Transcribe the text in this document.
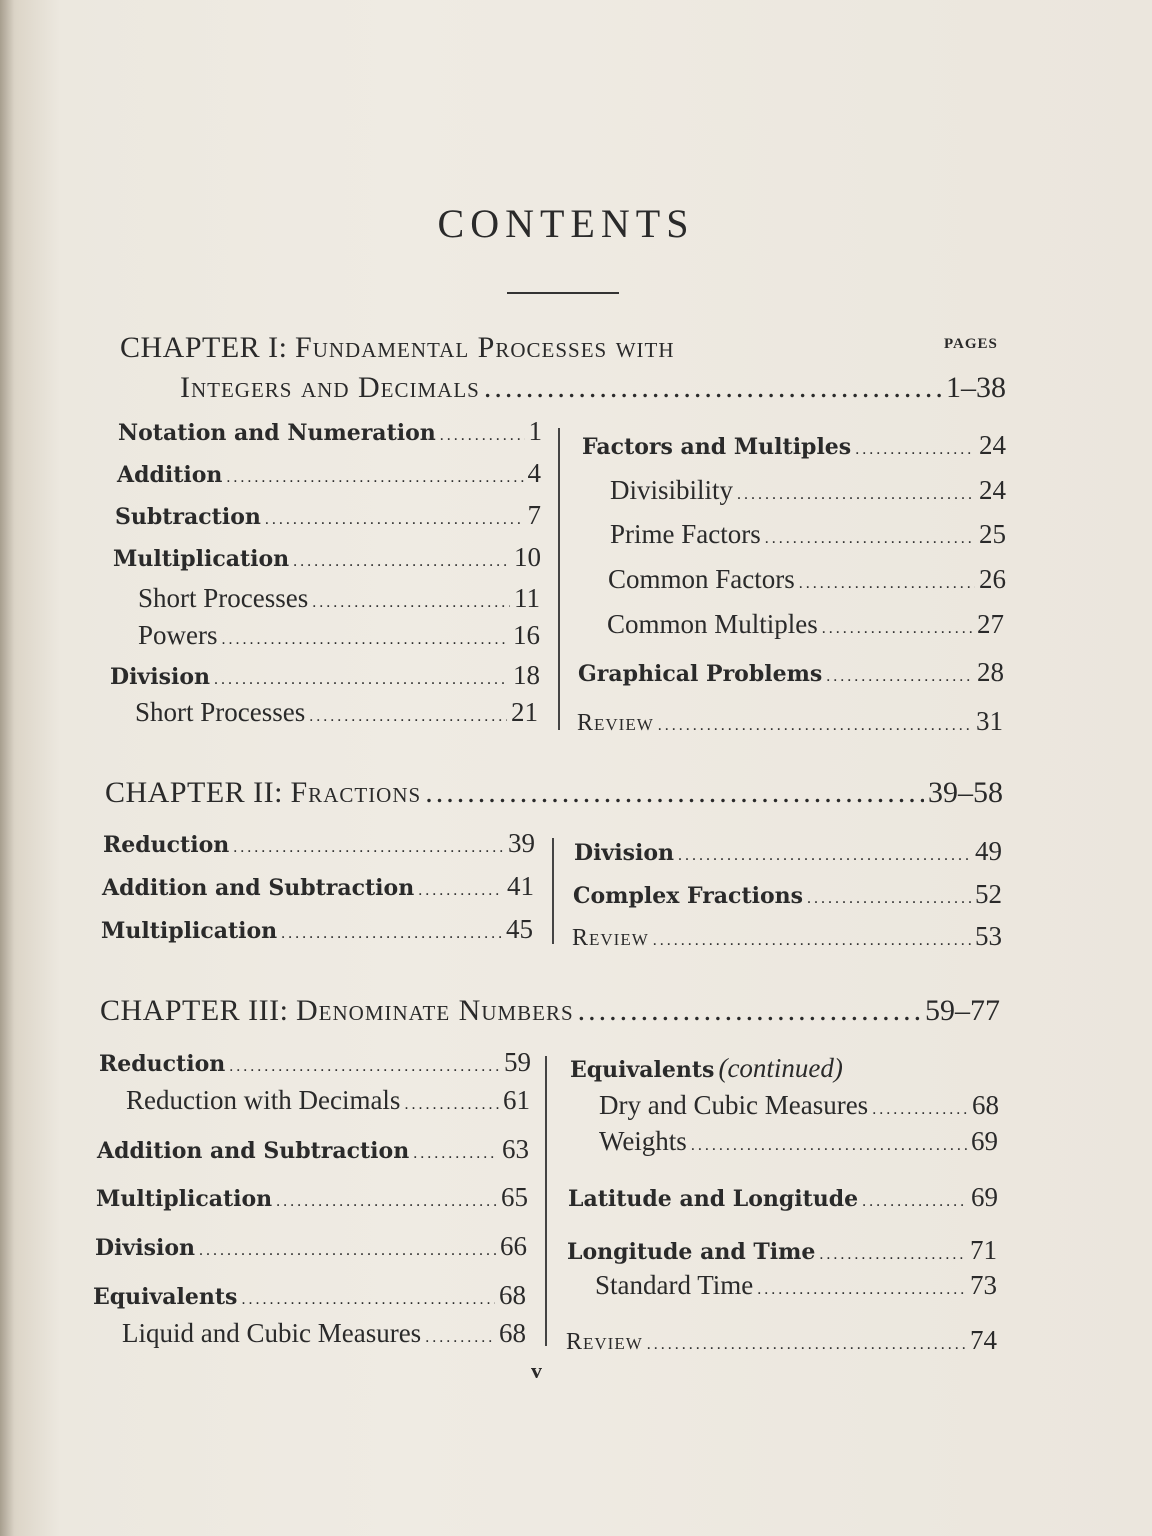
CONTENTS
PAGES
CHAPTER I: Fundamental Processes with
Integers and Decimals .....	1–38
Notation and Numeration .....	1
Addition .....	4
Subtraction .....	7
Multiplication .....	10
Short Processes .....	11
Powers .....	16
Division .....	18
Short Processes .....	21
Factors and Multiples .....	24
Divisibility .....	24
Prime Factors .....	25
Common Factors .....	26
Common Multiples .....	27
Graphical Problems .....	28
Review .....	31
CHAPTER II: Fractions .....	39–58
Reduction .....	39
Addition and Subtraction .....	41
Multiplication .....	45
Division .....	49
Complex Fractions .....	52
Review .....	53
CHAPTER III: Denominate Numbers .....	59–77
Reduction .....	59
Reduction with Decimals .....	61
Addition and Subtraction .....	63
Multiplication .....	65
Division .....	66
Equivalents .....	68
Liquid and Cubic Measures .....	68
Equivalents
(continued)
Dry and Cubic Measures .....	68
Weights .....	69
Latitude and Longitude .....	69
Longitude and Time .....	71
Standard Time .....	73
Review .....	74
v
